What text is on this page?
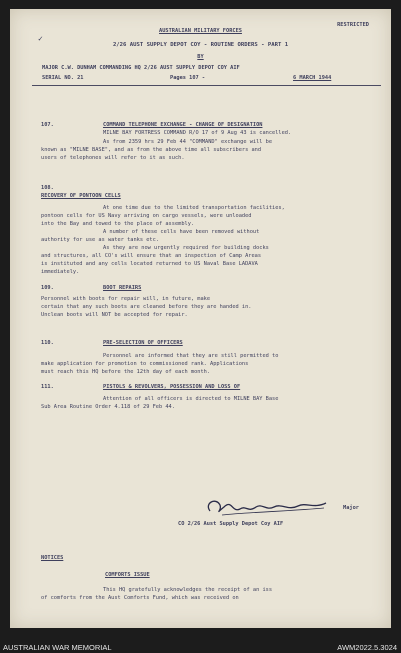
RESTRICTED
AUSTRALIAN MILITARY FORCES
✓
2/26 AUST SUPPLY DEPOT COY - ROUTINE ORDERS - PART 1
BY
MAJOR C.W. DUNHAM COMMANDING HQ 2/26 AUST SUPPLY DEPOT COY AIF
SERIAL NO. 21	Pages 107 -	6 MARCH 1944
107.	COMMAND TELEPHONE EXCHANGE - CHANGE OF DESIGNATION
MILNE BAY FORTRESS COMMAND R/O 17 of 9 Aug 43 is cancelled.
As from 2359 hrs 29 Feb 44 "COMMAND" exchange will be
known as "MILNE BASE", and as from the above time all subscribers and
users of telephones will refer to it as such.
108.
RECOVERY OF PONTOON CELLS
At one time due to the limited transportation facilities,
pontoon cells for US Navy arriving on cargo vessels, were unloaded
into the Bay and towed to the place of assembly.
A number of these cells have been removed without
authority for use as water tanks etc.
As they are now urgently required for building docks
and structures, all CO's will ensure that an inspection of Camp Areas
is instituted and any cells located returned to US Naval Base LADAVA
immediately.
109.	BOOT REPAIRS
Personnel with boots for repair will, in future, make
certain that any such boots are cleaned before they are handed in.
Unclean boots will NOT be accepted for repair.
110.	PRE-SELECTION OF OFFICERS
Personnel are informed that they are still permitted to
make application for promotion to commissioned rank. Applications
must reach this HQ before the 12th day of each month.
111.	PISTOLS & REVOLVERS, POSSESSION AND LOSS OF
Attention of all officers is directed to MILNE BAY Base
Sub Area Routine Order 4.118 of 29 Feb 44.
Major
CO 2/26 Aust Supply Depot Coy AIF
NOTICES
COMFORTS ISSUE
This HQ gratefully acknowledges the receipt of an iss
of comforts from the Aust Comforts Fund, which was received on
AUSTRALIAN WAR MEMORIAL	AWM2022.5.3024
